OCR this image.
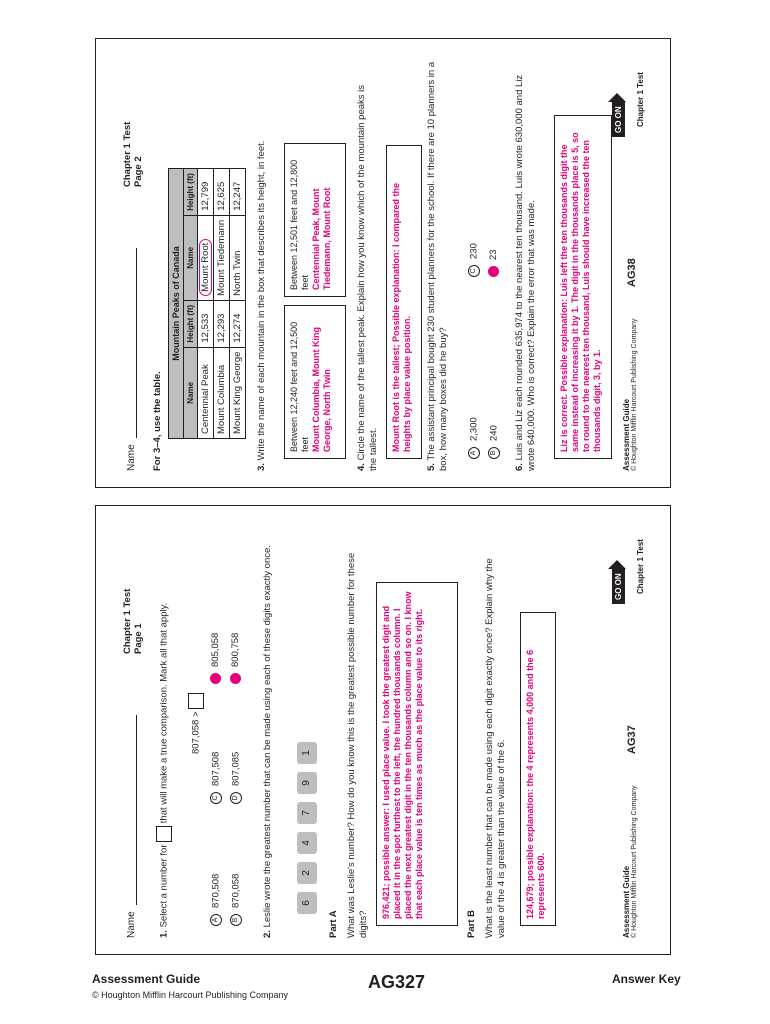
Name
Chapter 1 Test Page 2
For 3–4, use the table.
Mountain Peaks of Canada			
Name	Height (ft)	Name	Height (ft)
Centennial Peak	12,533	Mount Root	12,799
Mount Columbia	12,293	Mount Tiedemann	12,625
Mount King George	12,274	North Twin	12,247
3. Write the name of each mountain in the box that describes its height, in feet. Between 12,240 feet and 12,500 feet Mount Columbia, Mount King George, North Twin
Between 12,501 feet and 12,800 feet Centennial Peak, Mount Tiedemann, Mount Root
4. Circle the name of the tallest peak. Explain how you know which of the mountain peaks is the tallest.	Mount Root is the tallest; Possible explanation: I compared the heights by place value position.
5. The assistant principal bought 230 student planners for the school. If there are 10 planners in a box, how many boxes did he buy?	A2,300
B240
C230 23
6. Luis and Liz each rounded 635,974 to the nearest ten thousand. Luis wrote 630,000 and Liz wrote 640,000. Who is correct? Explain the error that was made.	Liz is correct. Possible explanation: Luis left the ten thousands digit the same instead of increasing it by 1. The digit in the thousands place is 5, so to round to the nearest ten thousand, Luis should have increased the ten thousands digit, 3, by 1.	Assessment Guide © Houghton Mifflin Harcourt Publishing Company
AG38
GO ON	Chapter 1 Test
Name
Chapter 1 Test Page 1
1. Select a number for  that will make a true comparison. Mark all that apply. 807,058 >
A870,508
B870,058
C807,508
D807,085
805,058 800,758
2. Leslie wrote the greatest number that can be made using each of these digits exactly once.	624791
Part A What was Leslie's number? How do you know this is the greatest possible number for these digits?
976,421; possible answer: I used place value. I took the greatest digit and placed it in the spot furthest to the left, the hundred thousands column. I placed the next greatest digit in the ten thousands column and so on. I know that each place value is ten times as much as the place value to its right.
Part B What is the least number that can be made using each digit exactly once? Explain why the value of the 4 is greater than the value of the 6.	124,679; possible explanation: the 4 represents 4,000 and the 6 represents 600.	Assessment Guide © Houghton Mifflin Harcourt Publishing Company
AG37
GO ON	Chapter 1 Test
Assessment Guide
© Houghton Mifflin Harcourt Publishing Company
AG327	Answer Key
